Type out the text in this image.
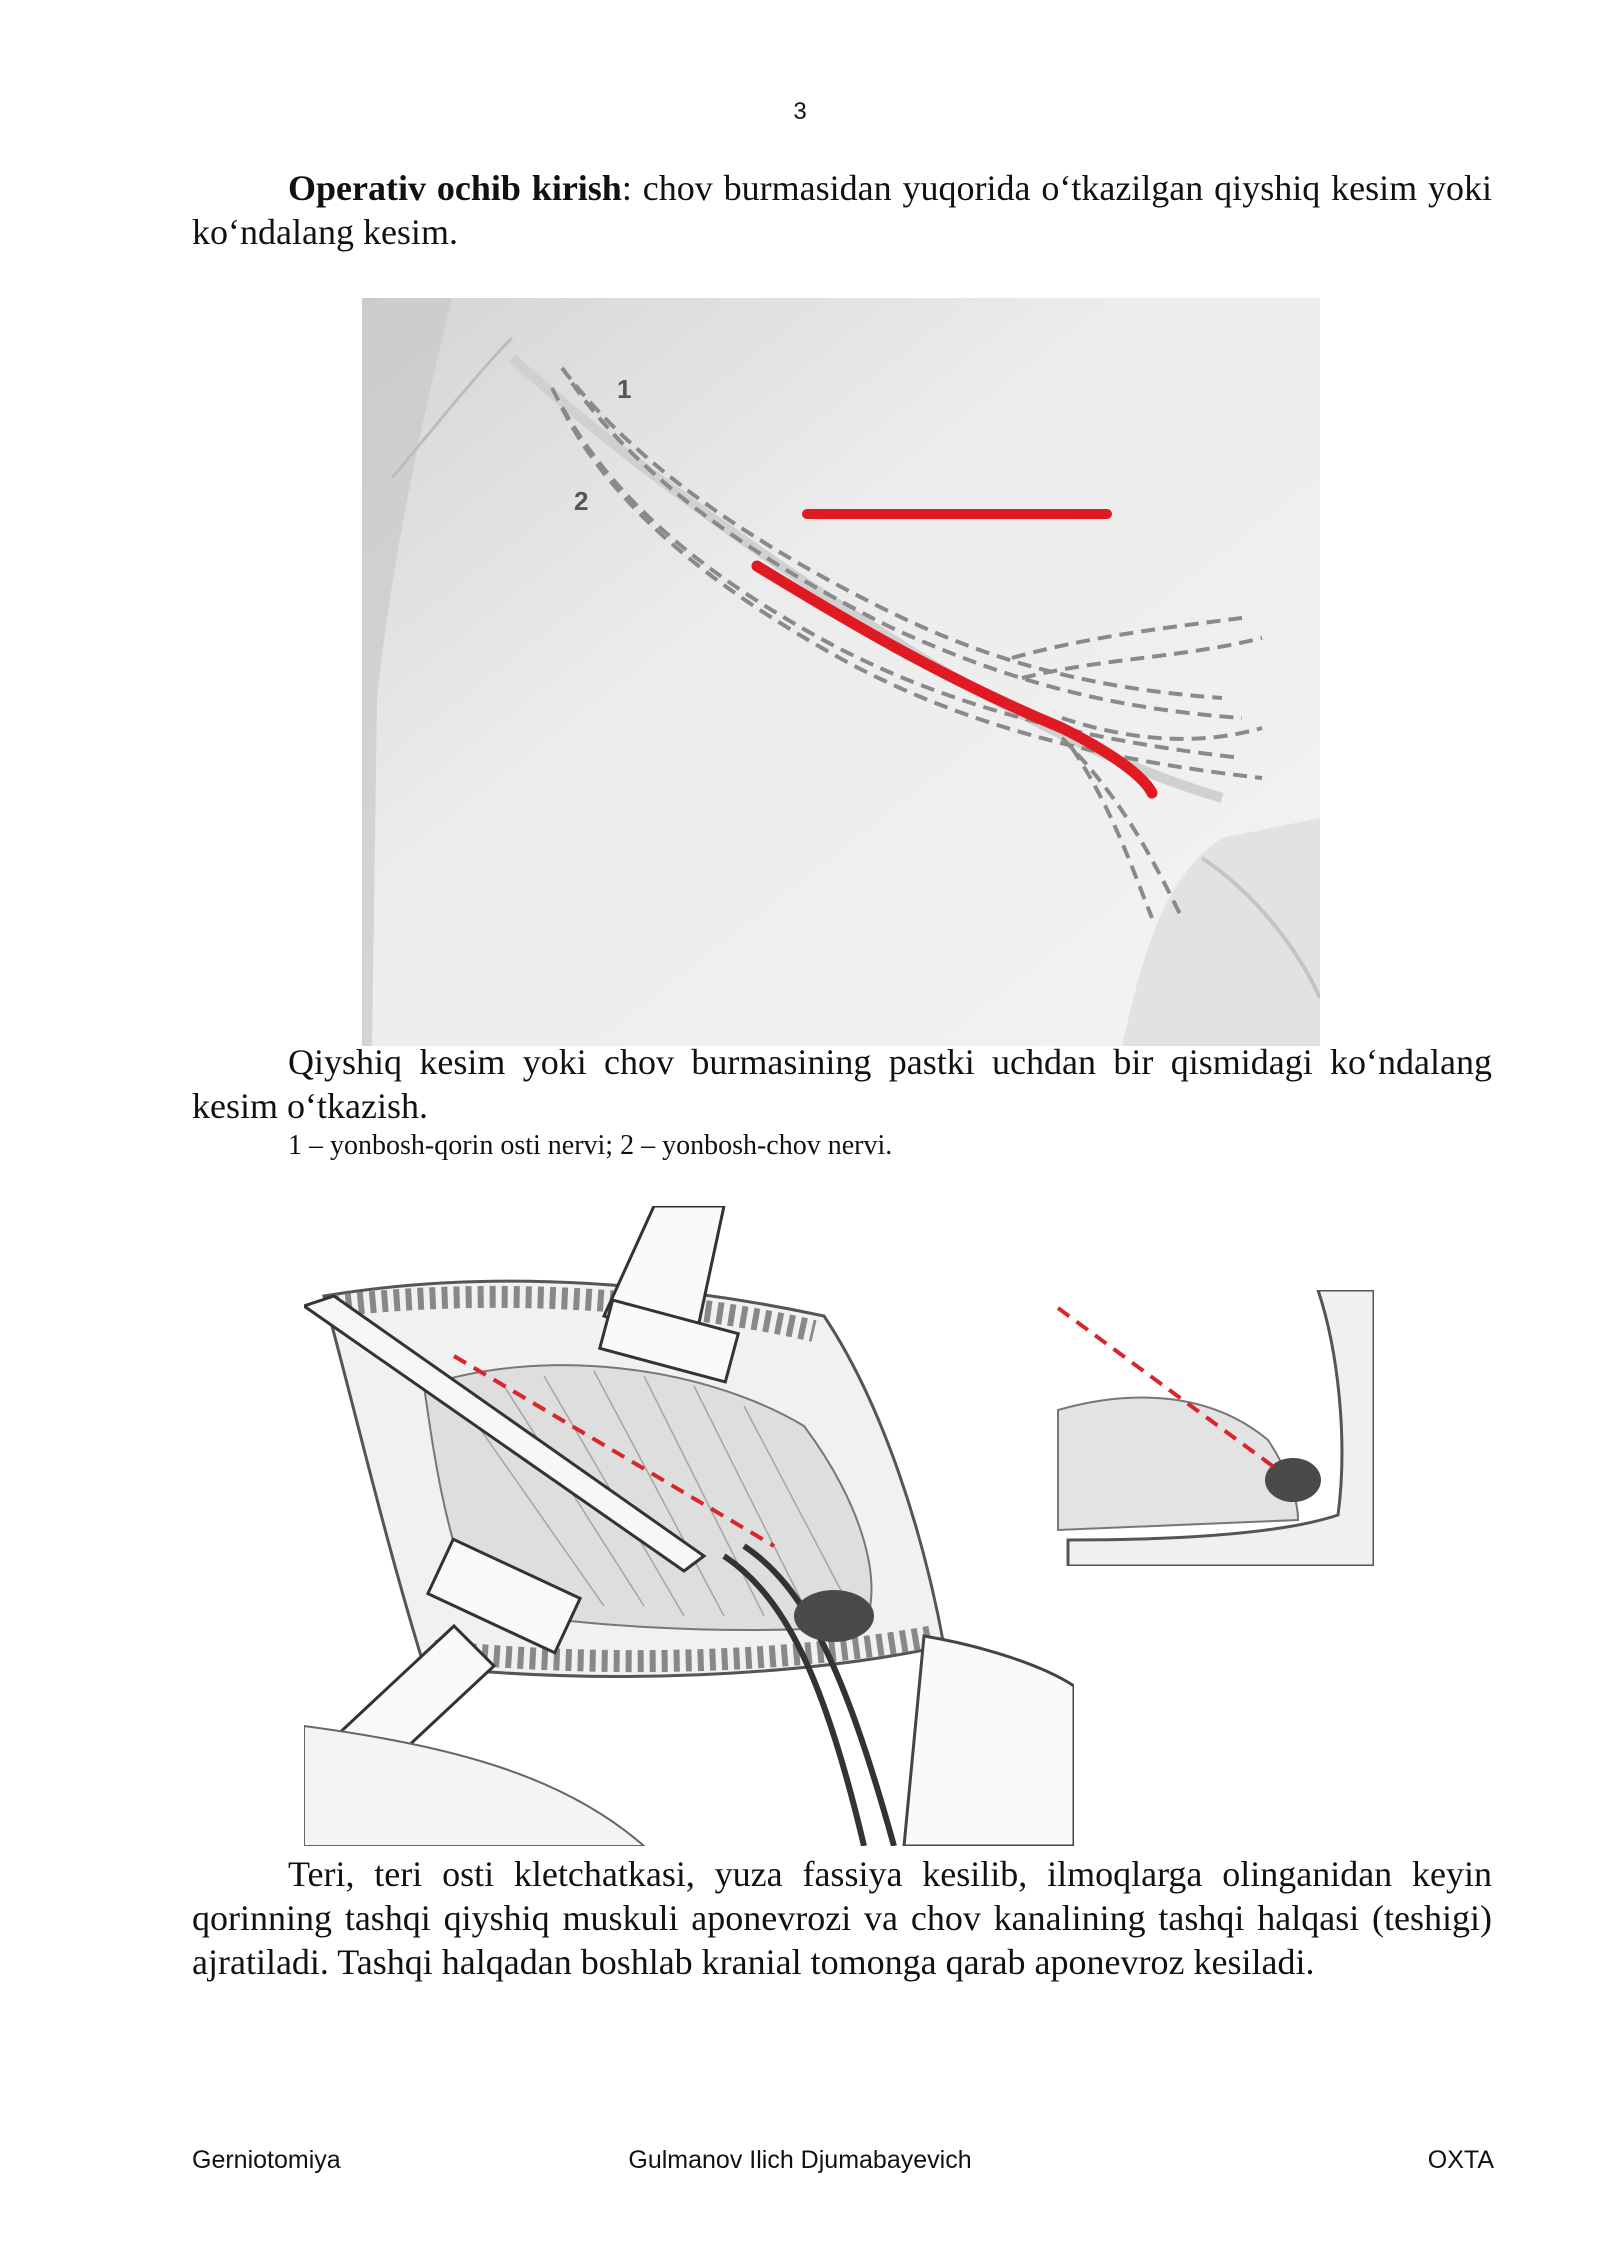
3

Operativ ochib kirish: chov burmasidan yuqorida o‘tkazilgan qiyshiq kesim yoki ko‘ndalang kesim.

1
2

Qiyshiq kesim yoki chov burmasining pastki uchdan bir qismidagi ko‘ndalang kesim o‘tkazish.

1 – yonbosh-qorin osti nervi; 2 – yonbosh-chov nervi.

Teri, teri osti kletchatkasi, yuza fassiya kesilib, ilmoqlarga olinganidan keyin qorinning tashqi qiyshiq muskuli aponevrozi va chov kanalining tashqi halqasi (teshigi) ajratiladi. Tashqi halqadan boshlab kranial tomonga qarab aponevroz kesiladi.

Gerniotomiya	Gulmanov Ilich Djumabayevich	OXTA
